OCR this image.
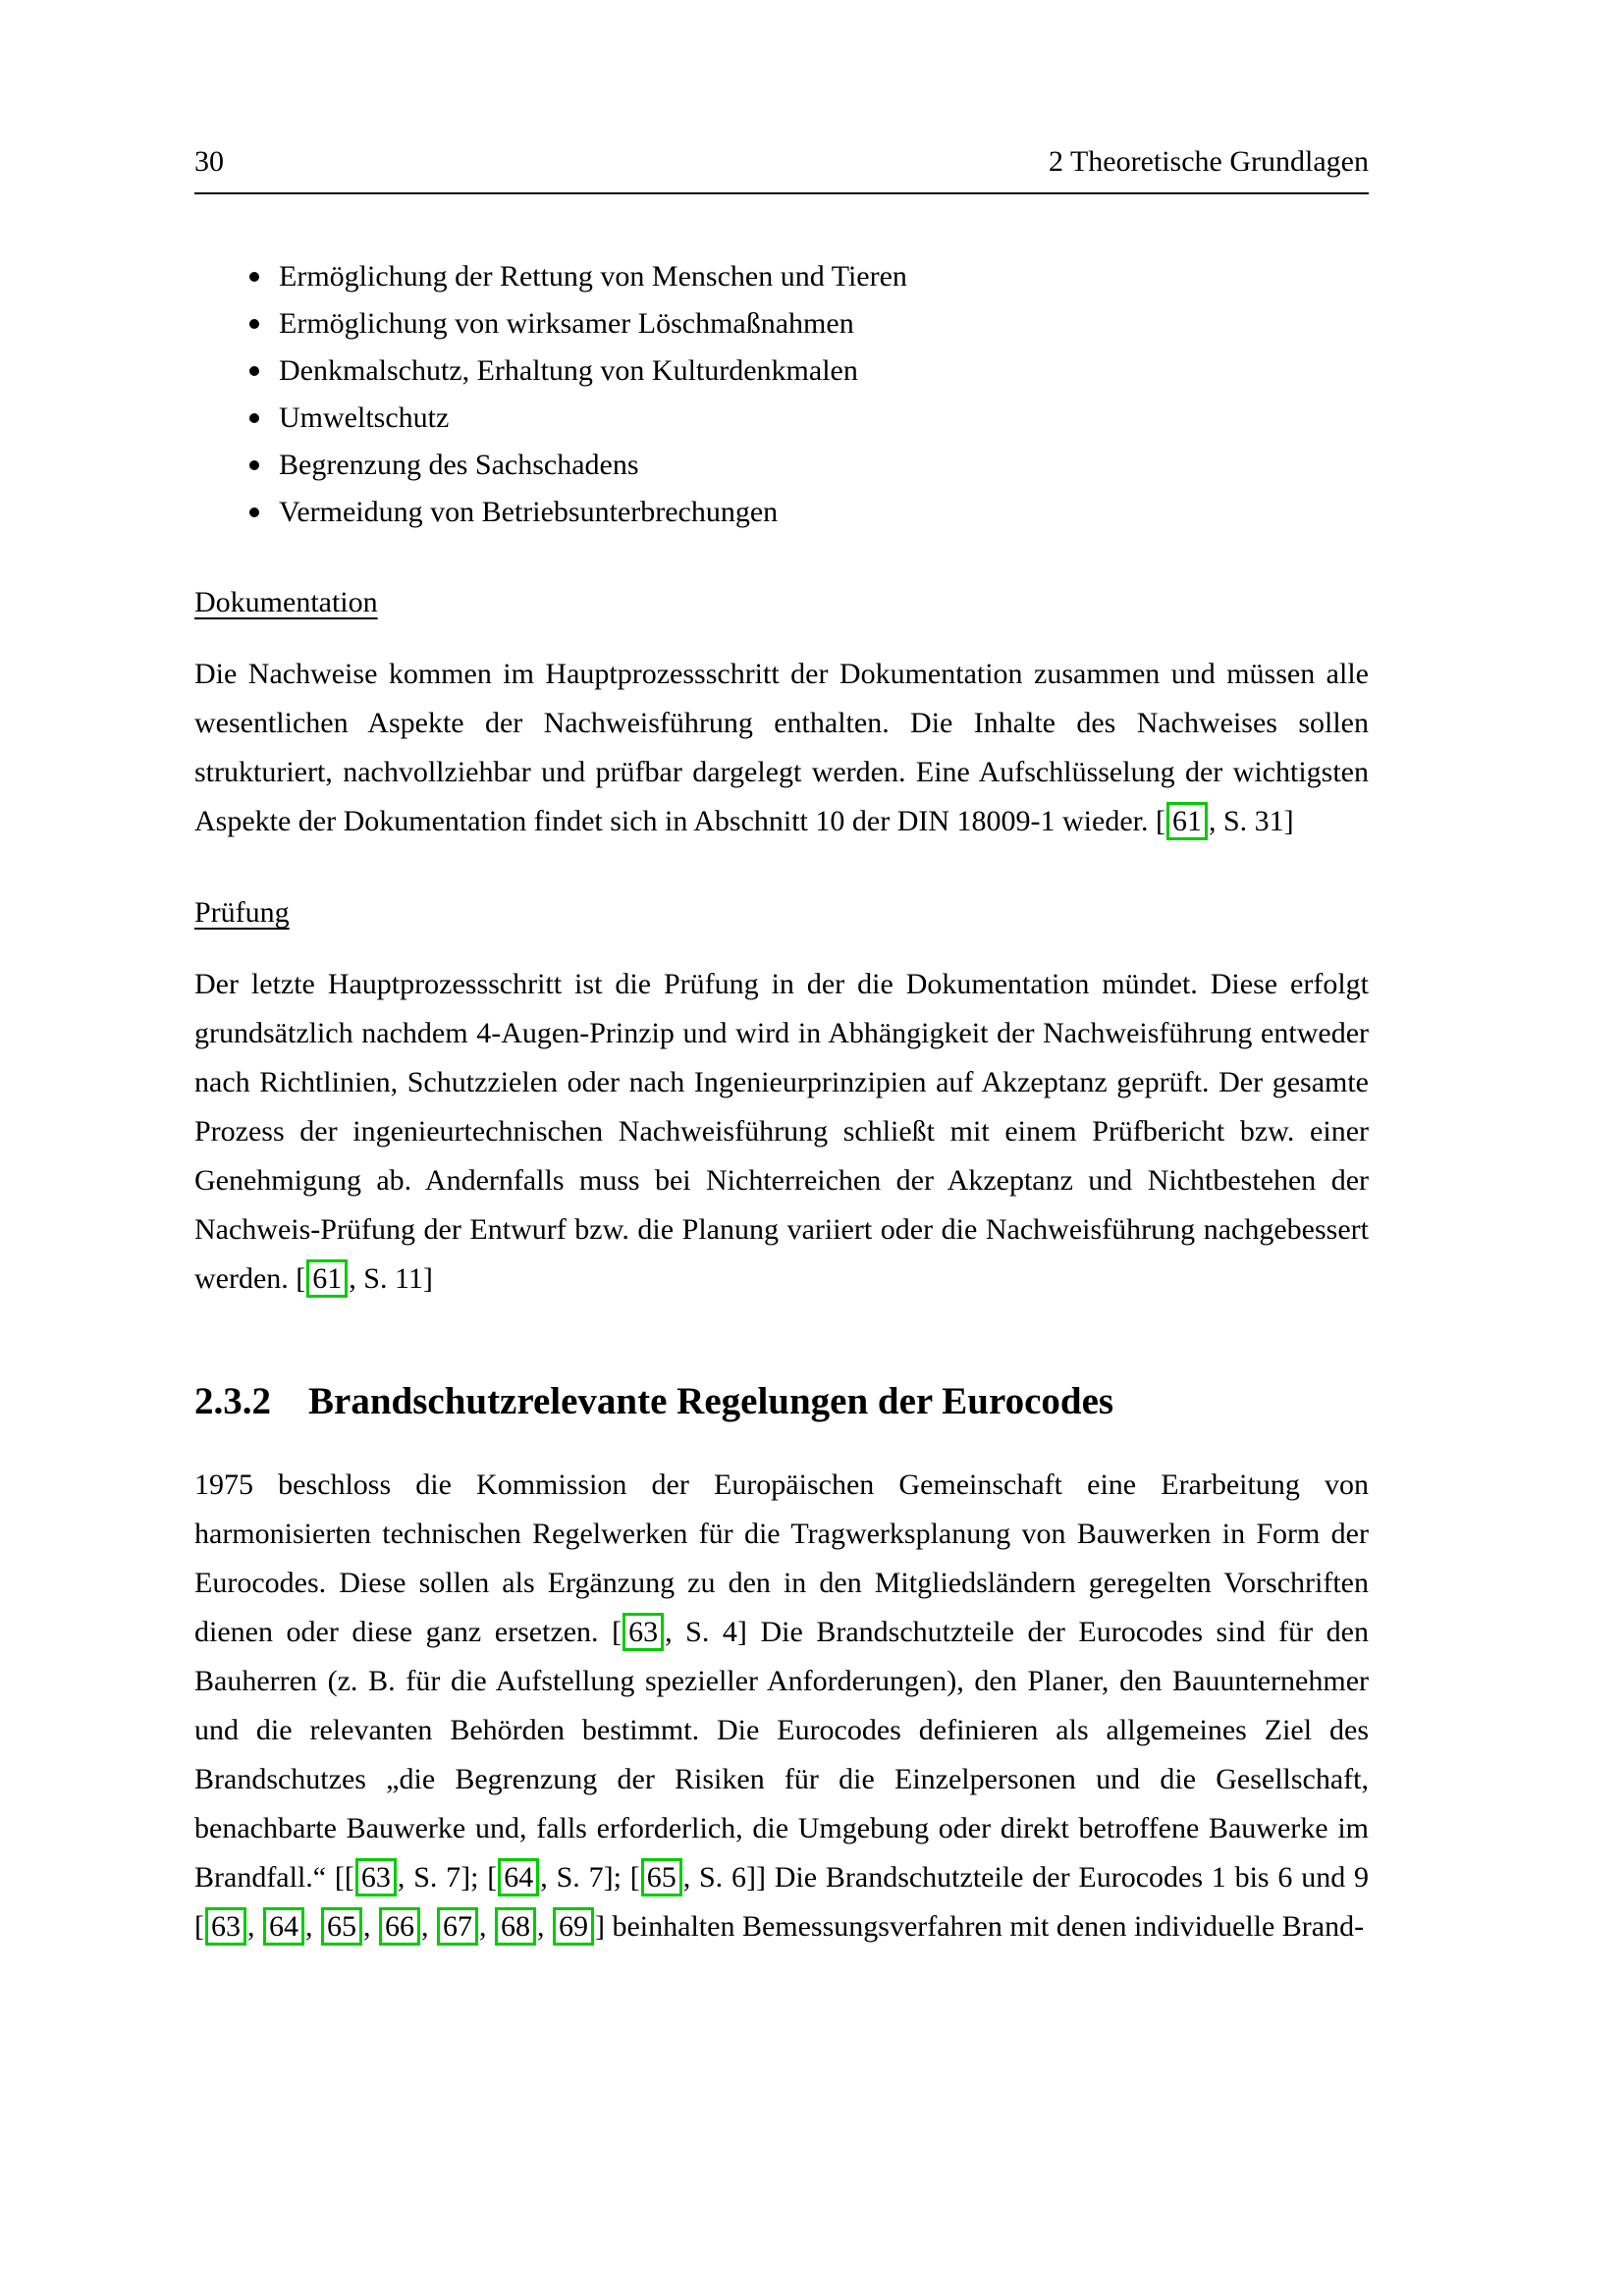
30	2 Theoretische Grundlagen
Ermöglichung der Rettung von Menschen und Tieren
Ermöglichung von wirksamer Löschmaßnahmen
Denkmalschutz, Erhaltung von Kulturdenkmalen
Umweltschutz
Begrenzung des Sachschadens
Vermeidung von Betriebsunterbrechungen
Dokumentation

Die Nachweise kommen im Hauptprozessschritt der Dokumentation zusammen und müssen alle wesentlichen Aspekte der Nachweisführung enthalten. Die Inhalte des Nachweises sollen strukturiert, nachvollziehbar und prüfbar dargelegt werden. Eine Aufschlüsselung der wichtigsten Aspekte der Dokumentation findet sich in Abschnitt 10 der DIN 18009-1 wieder. [ 61 , S. 31]

Prüfung

Der letzte Hauptprozessschritt ist die Prüfung in der die Dokumentation mündet. Diese erfolgt grundsätzlich nachdem 4-Augen-Prinzip und wird in Abhängigkeit der Nachweisführung entweder nach Richtlinien, Schutzzielen oder nach Ingenieurprinzipien auf Akzeptanz geprüft. Der gesamte Prozess der ingenieurtechnischen Nachweisführung schließt mit einem Prüfbericht bzw. einer Genehmigung ab. Andernfalls muss bei Nichterreichen der Akzeptanz und Nichtbestehen der Nachweis-Prüfung der Entwurf bzw. die Planung variiert oder die Nachweisführung nachgebessert werden. [ 61 , S. 11]

2.3.2 Brandschutzrelevante Regelungen der Eurocodes

1975 beschloss die Kommission der Europäischen Gemeinschaft eine Erarbeitung von harmonisierten technischen Regelwerken für die Tragwerksplanung von Bauwerken in Form der Eurocodes. Diese sollen als Ergänzung zu den in den Mitgliedsländern geregelten Vorschriften dienen oder diese ganz ersetzen. [ 63 , S. 4] Die Brandschutzteile der Eurocodes sind für den Bauherren (z. B. für die Aufstellung spezieller Anforderungen), den Planer, den Bauunternehmer und die relevanten Behörden bestimmt. Die Eurocodes definieren als allgemeines Ziel des Brandschutzes „die Begrenzung der Risiken für die Einzelpersonen und die Gesellschaft, benachbarte Bauwerke und, falls erforderlich, die Umgebung oder direkt betroffene Bauwerke im Brandfall.“ [[ 63 , S. 7]; [ 64 , S. 7]; [ 65 , S. 6]] Die Brandschutzteile der Eurocodes 1 bis 6 und 9 [ 63 , 64 , 65 , 66 , 67 , 68 , 69 ] beinhalten Bemessungsverfahren mit denen individuelle Brand-
